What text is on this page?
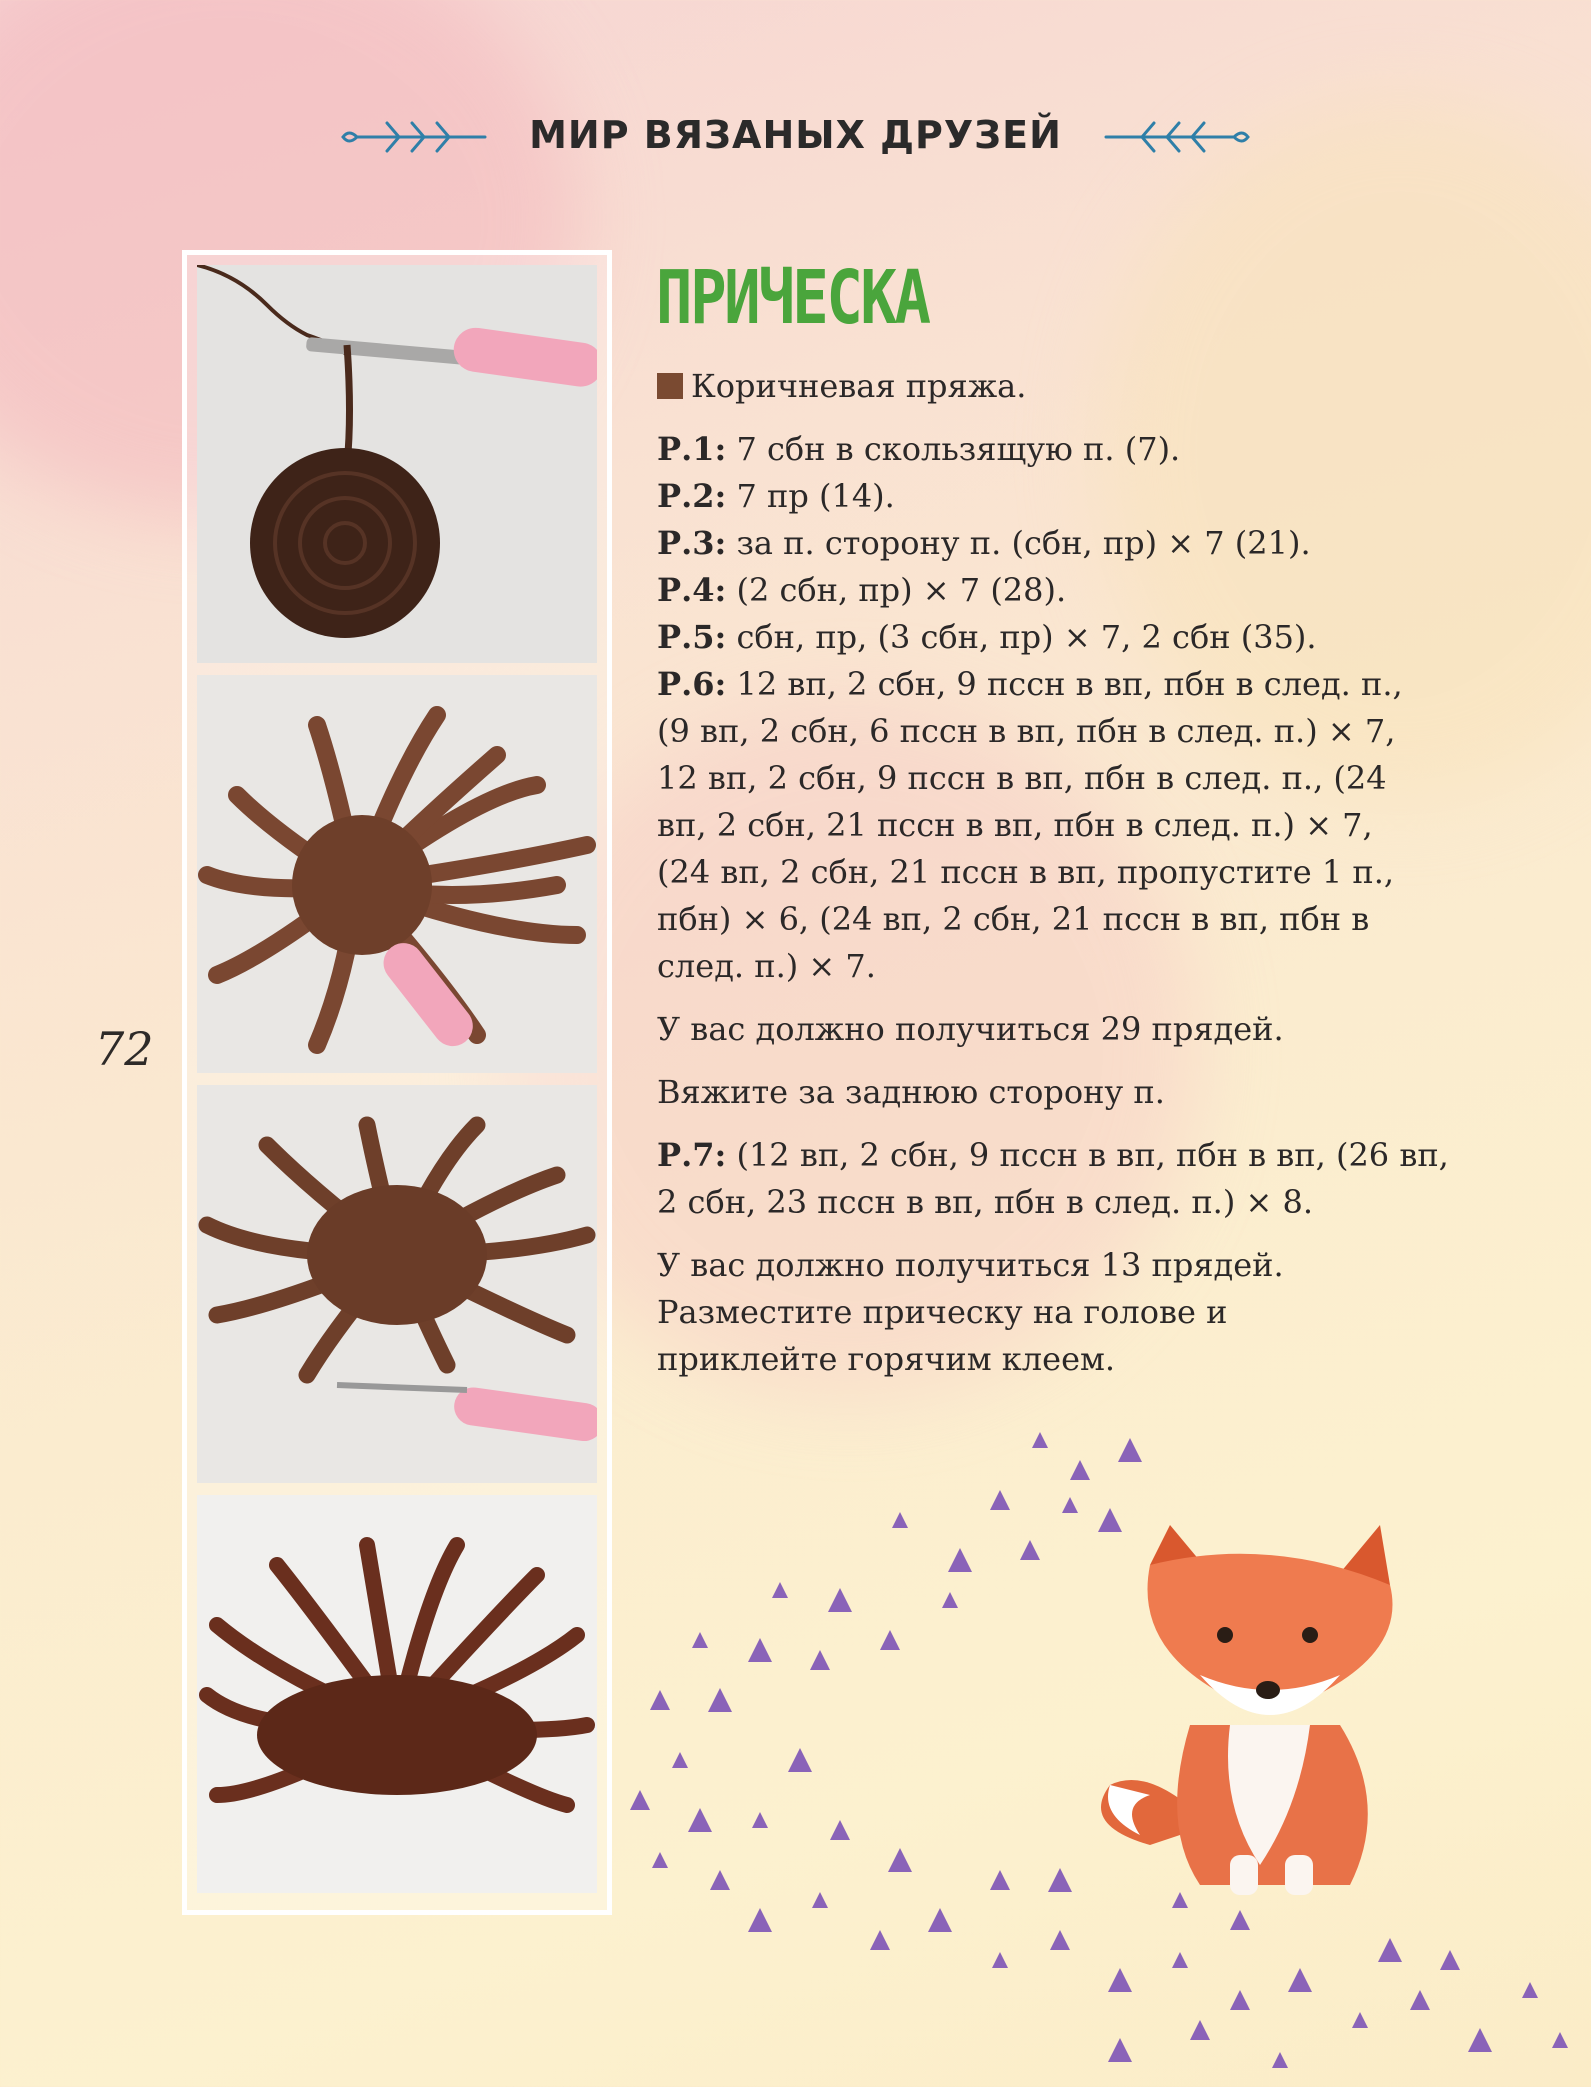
МИР ВЯЗАНЫХ ДРУЗЕЙ
72
ПРИЧЕСКА

Коричневая пряжа.

Р.1: 7 сбн в скользящую п. (7).
Р.2: 7 пр (14).
Р.3: за п. сторону п. (сбн, пр) × 7 (21).
Р.4: (2 сбн, пр) × 7 (28).
Р.5: сбн, пр, (3 сбн, пр) × 7, 2 сбн (35).
Р.6: 12 вп, 2 сбн, 9 пссн в вп, пбн в след. п., (9 вп, 2 сбн, 6 пссн в вп, пбн в след. п.) × 7, 12 вп, 2 сбн, 9 пссн в вп, пбн в след. п., (24 вп, 2 сбн, 21 пссн в вп, пбн в след. п.) × 7, (24 вп, 2 сбн, 21 пссн в вп, пропустите 1 п., пбн) × 6, (24 вп, 2 сбн, 21 пссн в вп, пбн в след. п.) × 7.

У вас должно получиться 29 прядей.

Вяжите за заднюю сторону п.

Р.7: (12 вп, 2 сбн, 9 пссн в вп, пбн в вп, (26 вп, 2 сбн, 23 пссн в вп, пбн в след. п.) × 8.

У вас должно получиться 13 прядей. Разместите прическу на голове и приклейте горячим клеем.
